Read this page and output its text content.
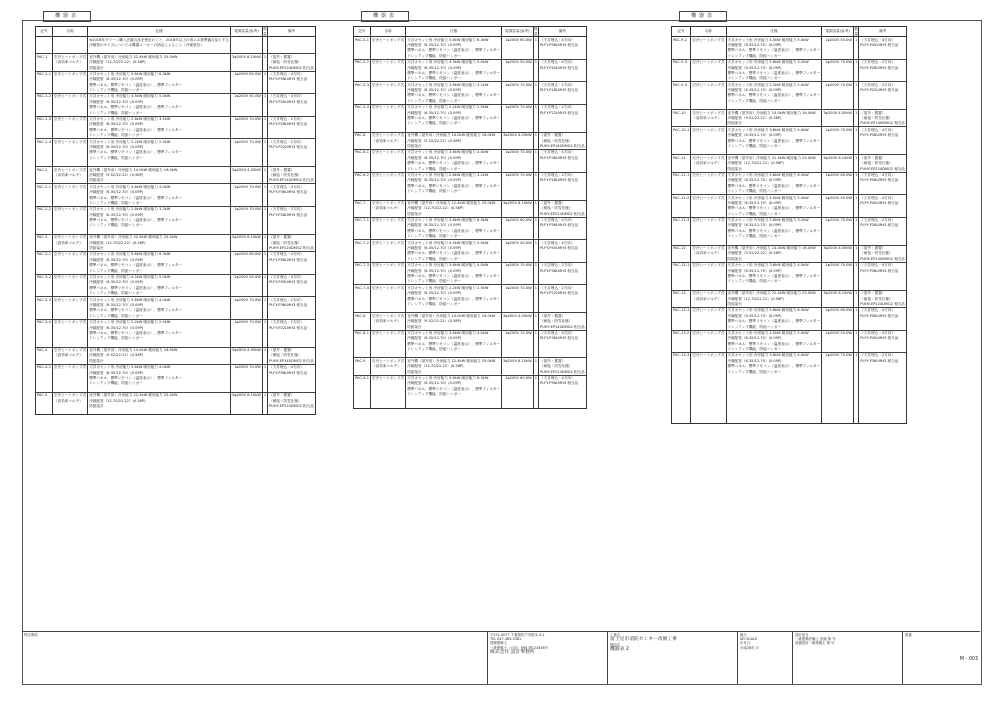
機器表
記号	名称	仕様	電源容量(参考)	数量	備考
		※2016年グリーン購入法適合品を使用のこと、2016年以上の省エネ基準適合品とする			
		冷媒管のサイズについては機器メーカーの指定によること（冷媒管径）			

PAC-1	空冷ヒートポンプ式	室外機（屋外用）冷房能力 22.4kW 暖房能力 25.0kW	3φ200V 6.10kW	1	（屋外・据置）
	（高効率マルチ）	冷媒配管（12.70/22.22）(0.58P)			（耐塩・防雪仕様）
		防振架台			PUHY-EP224DMG2 相当品
PAC-1-1	空冷ヒートポンプ式	天井カセット形 冷房能力 5.6kW 暖房能力 6.3kW	1φ200V 60.0W	1	（天井埋込・4方向）
		冷媒配管（6.35/12.70）(0.09P)			PLFY-P56LMH3 相当品
		標準パネル、標準リモコン（温度表示）、標準フィルター			
		ドレンアップ機能、防振ハンガー			
PAC-1-2	空冷ヒートポンプ式	天井カセット形 冷房能力 4.5kW 暖房能力 5.0kW	1φ200V 50.0W	1	（天井埋込・4方向）
		冷媒配管（6.35/12.70）(0.09P)			PLFY-P45LMH3 相当品
		標準パネル、標準リモコン（温度表示）、標準フィルター			
		ドレンアップ機能、防振ハンガー			
PAC-1-3	空冷ヒートポンプ式	天井カセット形 冷房能力 2.8kW 暖房能力 3.2kW	1φ200V 70.0W	1	（天井埋込・2方向）
		冷媒配管（6.35/12.70）(0.09P)			PLFY-P28LMH3 相当品
		標準パネル、標準リモコン（温度表示）、標準フィルター			
		ドレンアップ機能、防振ハンガー			
PAC-1-4	空冷ヒートポンプ式	天井カセット形 冷房能力 2.2kW 暖房能力 2.5kW	1φ200V 70.0W	1	（天井埋込・2方向）
		冷媒配管（6.35/12.70）(0.09P)			PLFY-P22LMH3 相当品
		標準パネル、標準リモコン（温度表示）、標準フィルター			
		ドレンアップ機能、防振ハンガー			

PAC-2	空冷ヒートポンプ式	室外機（屋外用）冷房能力 14.0kW 暖房能力 16.0kW	3φ200V 4.05kW	1	（屋外・据置）
	（高効率マルチ）	冷媒配管（9.52/22.22）(0.58P)			（耐塩・防雪仕様）
		防振架台			PUHY-EP140DMG2 相当品
PAC-2-1	空冷ヒートポンプ式	天井カセット形 冷房能力 3.6kW 暖房能力 4.0kW	1φ200V 70.0W	1	（天井埋込・4方向）
		冷媒配管（6.35/12.70）(0.09P)			PLFY-P36LMH3 相当品
		標準パネル、標準リモコン（温度表示）、標準フィルター			
		ドレンアップ機能、防振ハンガー			
PAC-2-2	空冷ヒートポンプ式	天井カセット形 冷房能力 2.8kW 暖房能力 3.2kW	1φ200V 70.0W	1	（天井埋込・2方向）
		冷媒配管（6.35/12.70）(0.09P)			PLFY-P28LMH3 相当品
		標準パネル、標準リモコン（温度表示）、標準フィルター			
		ドレンアップ機能、防振ハンガー			

PAC-3	空冷ヒートポンプ式	室外機（屋外用）冷房能力 22.4kW 暖房能力 25.0kW	3φ200V 6.10kW	1	（屋外・据置）
	（高効率マルチ）	冷媒配管（12.70/22.22）(0.58P)			（耐塩・防雪仕様）
		防振架台			PUHY-EP224DMG2 相当品
PAC-3-1	空冷ヒートポンプ式	天井カセット形 冷房能力 5.6kW 暖房能力 6.3kW	1φ200V 60.0W	1	（天井埋込・4方向）
		冷媒配管（6.35/12.70）(0.09P)			PLFY-P56LMH3 相当品
		標準パネル、標準リモコン（温度表示）、標準フィルター			
		ドレンアップ機能、防振ハンガー			
PAC-3-2	空冷ヒートポンプ式	天井カセット形 冷房能力 4.5kW 暖房能力 5.0kW	1φ200V 50.0W	1	（天井埋込・4方向）
		冷媒配管（6.35/12.70）(0.09P)			PLFY-P45LMH3 相当品
		標準パネル、標準リモコン（温度表示）、標準フィルター			
		ドレンアップ機能、防振ハンガー			
PAC-3-3	空冷ヒートポンプ式	天井カセット形 冷房能力 3.6kW 暖房能力 4.0kW	1φ200V 70.0W	1	（天井埋込・2方向）
		冷媒配管（6.35/12.70）(0.09P)			PLFY-P36LMH3 相当品
		標準パネル、標準リモコン（温度表示）、標準フィルター			
		ドレンアップ機能、防振ハンガー			
PAC-3-4	空冷ヒートポンプ式	天井カセット形 冷房能力 2.2kW 暖房能力 2.5kW	1φ200V 70.0W	1	（天井埋込・2方向）
		冷媒配管（6.35/12.70）(0.09P)			PLFY-P22LMH3 相当品
		標準パネル、標準リモコン（温度表示）、標準フィルター			
		ドレンアップ機能、防振ハンガー			

PAC-4	空冷ヒートポンプ式	室外機（屋外用）冷房能力 14.0kW 暖房能力 16.0kW	3φ200V 4.05kW	1	（屋外・据置）
	（高効率マルチ）	冷媒配管（9.52/22.22）(0.58P)			（耐塩・防雪仕様）
		防振架台			PUHY-EP140DMG2 相当品
PAC-4-1	空冷ヒートポンプ式	天井カセット形 冷房能力 3.6kW 暖房能力 4.0kW	1φ200V 70.0W	1	（天井埋込・4方向）
		冷媒配管（6.35/12.70）(0.09P)			PLFY-P36LMH3 相当品
		標準パネル、標準リモコン（温度表示）、標準フィルター			
		ドレンアップ機能、防振ハンガー			

PAC-5	空冷ヒートポンプ式	室外機（屋外用）冷房能力 22.4kW 暖房能力 25.0kW	3φ200V 6.10kW	1	（屋外・据置）
	（高効率マルチ）	冷媒配管（12.70/22.22）(0.58P)			（耐塩・防雪仕様）
		防振架台			PUHY-EP224DMG2 相当品

機器表
記号	名称	仕様	電源容量(参考)	数量	備考
PAC-5-1	空冷ヒートポンプ式	天井カセット形 冷房能力 5.6kW 暖房能力 6.3kW	1φ200V 60.0W	1	（天井埋込・4方向）
		冷媒配管（6.35/12.70）(0.09P)			PLFY-P56LMH3 相当品
		標準パネル、標準リモコン（温度表示）、標準フィルター			
		ドレンアップ機能、防振ハンガー			
PAC-5-2	空冷ヒートポンプ式	天井カセット形 冷房能力 4.5kW 暖房能力 5.0kW	1φ200V 50.0W	1	（天井埋込・4方向）
		冷媒配管（6.35/12.70）(0.09P)			PLFY-P45LMH3 相当品
		標準パネル、標準リモコン（温度表示）、標準フィルター			
		ドレンアップ機能、防振ハンガー			
PAC-5-3	空冷ヒートポンプ式	天井カセット形 冷房能力 2.8kW 暖房能力 3.2kW	1φ200V 70.0W	1	（天井埋込・2方向）
		冷媒配管（6.35/12.70）(0.09P)			PLFY-P28LMH3 相当品
		標準パネル、標準リモコン（温度表示）、標準フィルター			
		ドレンアップ機能、防振ハンガー			
PAC-5-4	空冷ヒートポンプ式	天井カセット形 冷房能力 2.2kW 暖房能力 2.5kW	1φ200V 70.0W	1	（天井埋込・2方向）
		冷媒配管（6.35/12.70）(0.09P)			PLFY-P22LMH3 相当品
		標準パネル、標準リモコン（温度表示）、標準フィルター			
		ドレンアップ機能、防振ハンガー			

PAC-6	空冷ヒートポンプ式	室外機（屋外用）冷房能力 14.0kW 暖房能力 16.0kW	3φ200V 4.05kW	1	（屋外・据置）
	（高効率マルチ）	冷媒配管（9.52/22.22）(0.58P)			（耐塩・防雪仕様）
		防振架台			PUHY-EP140DMG2 相当品
PAC-6-1	空冷ヒートポンプ式	天井カセット形 冷房能力 3.6kW 暖房能力 4.0kW	1φ200V 70.0W	1	（天井埋込・4方向）
		冷媒配管（6.35/12.70）(0.09P)			PLFY-P36LMH3 相当品
		標準パネル、標準リモコン（温度表示）、標準フィルター			
		ドレンアップ機能、防振ハンガー			
PAC-6-2	空冷ヒートポンプ式	天井カセット形 冷房能力 2.8kW 暖房能力 3.2kW	1φ200V 70.0W	1	（天井埋込・2方向）
		冷媒配管（6.35/12.70）(0.09P)			PLFY-P28LMH3 相当品
		標準パネル、標準リモコン（温度表示）、標準フィルター			
		ドレンアップ機能、防振ハンガー			

PAC-7	空冷ヒートポンプ式	室外機（屋外用）冷房能力 22.4kW 暖房能力 25.0kW	3φ200V 6.10kW	1	（屋外・据置）
	（高効率マルチ）	冷媒配管（12.70/22.22）(0.58P)			（耐塩・防雪仕様）
		防振架台			PUHY-EP224DMG2 相当品
PAC-7-1	空冷ヒートポンプ式	天井カセット形 冷房能力 5.6kW 暖房能力 6.3kW	1φ200V 60.0W	1	（天井埋込・4方向）
		冷媒配管（6.35/12.70）(0.09P)			PLFY-P56LMH3 相当品
		標準パネル、標準リモコン（温度表示）、標準フィルター			
		ドレンアップ機能、防振ハンガー			
PAC-7-2	空冷ヒートポンプ式	天井カセット形 冷房能力 4.5kW 暖房能力 5.0kW	1φ200V 50.0W	1	（天井埋込・4方向）
		冷媒配管（6.35/12.70）(0.09P)			PLFY-P45LMH3 相当品
		標準パネル、標準リモコン（温度表示）、標準フィルター			
		ドレンアップ機能、防振ハンガー			
PAC-7-3	空冷ヒートポンプ式	天井カセット形 冷房能力 3.6kW 暖房能力 4.0kW	1φ200V 70.0W	1	（天井埋込・2方向）
		冷媒配管（6.35/12.70）(0.09P)			PLFY-P36LMH3 相当品
		標準パネル、標準リモコン（温度表示）、標準フィルター			
		ドレンアップ機能、防振ハンガー			
PAC-7-4	空冷ヒートポンプ式	天井カセット形 冷房能力 2.2kW 暖房能力 2.5kW	1φ200V 70.0W	1	（天井埋込・2方向）
		冷媒配管（6.35/12.70）(0.09P)			PLFY-P22LMH3 相当品
		標準パネル、標準リモコン（温度表示）、標準フィルター			
		ドレンアップ機能、防振ハンガー			

PAC-8	空冷ヒートポンプ式	室外機（屋外用）冷房能力 14.0kW 暖房能力 16.0kW	3φ200V 4.05kW	1	（屋外・据置）
	（高効率マルチ）	冷媒配管（9.52/22.22）(0.58P)			（耐塩・防雪仕様）
		防振架台			PUHY-EP140DMG2 相当品
PAC-8-1	空冷ヒートポンプ式	天井カセット形 冷房能力 3.6kW 暖房能力 4.0kW	1φ200V 70.0W	1	（天井埋込・4方向）
		冷媒配管（6.35/12.70）(0.09P)			PLFY-P36LMH3 相当品
		標準パネル、標準リモコン（温度表示）、標準フィルター			
		ドレンアップ機能、防振ハンガー			

PAC-9	空冷ヒートポンプ式	室外機（屋外用）冷房能力 22.4kW 暖房能力 25.0kW	3φ200V 6.10kW	1	（屋外・据置）
	（高効率マルチ）	冷媒配管（12.70/22.22）(0.58P)			（耐塩・防雪仕様）
		防振架台			PUHY-EP224DMG2 相当品
PAC-9-1	空冷ヒートポンプ式	天井カセット形 冷房能力 5.6kW 暖房能力 6.3kW	1φ200V 60.0W	1	（天井埋込・4方向）
		冷媒配管（6.35/12.70）(0.09P)			PLFY-P56LMH3 相当品
		標準パネル、標準リモコン（温度表示）、標準フィルター			
		ドレンアップ機能、防振ハンガー			

機器表
記号	名称	仕様	電源容量(参考)	数量	備考
PAC-9-2	空冷ヒートポンプ式	天井カセット形 冷房能力 4.5kW 暖房能力 5.0kW	1φ200V 50.0W	1	（天井埋込・4方向）
		冷媒配管（6.35/12.70）(0.09P)			PLFY-P45LMH3 相当品
		標準パネル、標準リモコン（温度表示）、標準フィルター			
		ドレンアップ機能、防振ハンガー			
PAC-9-3	空冷ヒートポンプ式	天井カセット形 冷房能力 2.8kW 暖房能力 3.2kW	1φ200V 70.0W	1	（天井埋込・2方向）
		冷媒配管（6.35/12.70）(0.09P)			PLFY-P28LMH3 相当品
		標準パネル、標準リモコン（温度表示）、標準フィルター			
		ドレンアップ機能、防振ハンガー			
PAC-9-4	空冷ヒートポンプ式	天井カセット形 冷房能力 2.2kW 暖房能力 2.5kW	1φ200V 70.0W	1	（天井埋込・2方向）
		冷媒配管（6.35/12.70）(0.09P)			PLFY-P22LMH3 相当品
		標準パネル、標準リモコン（温度表示）、標準フィルター			
		ドレンアップ機能、防振ハンガー			

PAC-10	空冷ヒートポンプ式	室外機（屋外用）冷房能力 14.0kW 暖房能力 16.0kW	3φ200V 4.05kW	1	（屋外・据置）
	（高効率マルチ）	冷媒配管（9.52/22.22）(0.58P)			（耐塩・防雪仕様）
		防振架台			PUHY-EP140DMG2 相当品
PAC-10-1	空冷ヒートポンプ式	天井カセット形 冷房能力 3.6kW 暖房能力 4.0kW	1φ200V 70.0W	1	（天井埋込・4方向）
		冷媒配管（6.35/12.70）(0.09P)			PLFY-P36LMH3 相当品
		標準パネル、標準リモコン（温度表示）、標準フィルター			
		ドレンアップ機能、防振ハンガー			

PAC-11	空冷ヒートポンプ式	室外機（屋外用）冷房能力 22.4kW 暖房能力 25.0kW	3φ200V 6.10kW	1	（屋外・据置）
	（高効率マルチ）	冷媒配管（12.70/22.22）(0.58P)			（耐塩・防雪仕様）
		防振架台			PUHY-EP224DMG2 相当品
PAC-11-1	空冷ヒートポンプ式	天井カセット形 冷房能力 5.6kW 暖房能力 6.3kW	1φ200V 60.0W	1	（天井埋込・4方向）
		冷媒配管（6.35/12.70）(0.09P)			PLFY-P56LMH3 相当品
		標準パネル、標準リモコン（温度表示）、標準フィルター			
		ドレンアップ機能、防振ハンガー			
PAC-11-2	空冷ヒートポンプ式	天井カセット形 冷房能力 4.5kW 暖房能力 5.0kW	1φ200V 50.0W	1	（天井埋込・4方向）
		冷媒配管（6.35/12.70）(0.09P)			PLFY-P45LMH3 相当品
		標準パネル、標準リモコン（温度表示）、標準フィルター			
		ドレンアップ機能、防振ハンガー			
PAC-11-3	空冷ヒートポンプ式	天井カセット形 冷房能力 2.8kW 暖房能力 3.2kW	1φ200V 70.0W	1	（天井埋込・2方向）
		冷媒配管（6.35/12.70）(0.09P)			PLFY-P28LMH3 相当品
		標準パネル、標準リモコン（温度表示）、標準フィルター			
		ドレンアップ機能、防振ハンガー			

PAC-12	空冷ヒートポンプ式	室外機（屋外用）冷房能力 14.0kW 暖房能力 16.0kW	3φ200V 4.05kW	1	（屋外・据置）
	（高効率マルチ）	冷媒配管（9.52/22.22）(0.58P)			（耐塩・防雪仕様）
		防振架台			PUHY-EP140DMG2 相当品
PAC-12-1	空冷ヒートポンプ式	天井カセット形 冷房能力 3.6kW 暖房能力 4.0kW	1φ200V 70.0W	1	（天井埋込・4方向）
		冷媒配管（6.35/12.70）(0.09P)			PLFY-P36LMH3 相当品
		標準パネル、標準リモコン（温度表示）、標準フィルター			
		ドレンアップ機能、防振ハンガー			

PAC-13	空冷ヒートポンプ式	室外機（屋外用）冷房能力 22.4kW 暖房能力 25.0kW	3φ200V 6.10kW	1	（屋外・据置）
	（高効率マルチ）	冷媒配管（12.70/22.22）(0.58P)			（耐塩・防雪仕様）
		防振架台			PUHY-EP224DMG2 相当品
PAC-13-1	空冷ヒートポンプ式	天井カセット形 冷房能力 5.6kW 暖房能力 6.3kW	1φ200V 60.0W	1	（天井埋込・4方向）
		冷媒配管（6.35/12.70）(0.09P)			PLFY-P56LMH3 相当品
		標準パネル、標準リモコン（温度表示）、標準フィルター			
		ドレンアップ機能、防振ハンガー			
PAC-13-2	空冷ヒートポンプ式	天井カセット形 冷房能力 4.5kW 暖房能力 5.0kW	1φ200V 50.0W	1	（天井埋込・4方向）
		冷媒配管（6.35/12.70）(0.09P)			PLFY-P45LMH3 相当品
		標準パネル、標準リモコン（温度表示）、標準フィルター			
		ドレンアップ機能、防振ハンガー			
PAC-13-3	空冷ヒートポンプ式	天井カセット形 冷房能力 3.6kW 暖房能力 4.0kW	1φ200V 70.0W	1	（天井埋込・2方向）
		冷媒配管（6.35/12.70）(0.09P)			PLFY-P36LMH3 相当品
		標準パネル、標準リモコン（温度表示）、標準フィルター			
		ドレンアップ機能、防振ハンガー			

特記事項	〒271-0077 千葉県松戸市根本 4-1
TEL 047-363-5381
管理建築士
一級建築士（大臣）登録 第123456号
株式会社 設計事務所
工事名
富士見市消防センター改修工事
図面名
機器表 2
縮尺
NO SCALE
年月日
平成28年 月
設計担当
一級建築設備士 登録 第 号
設備設計一級建築士 第 号
図番
M - 003
